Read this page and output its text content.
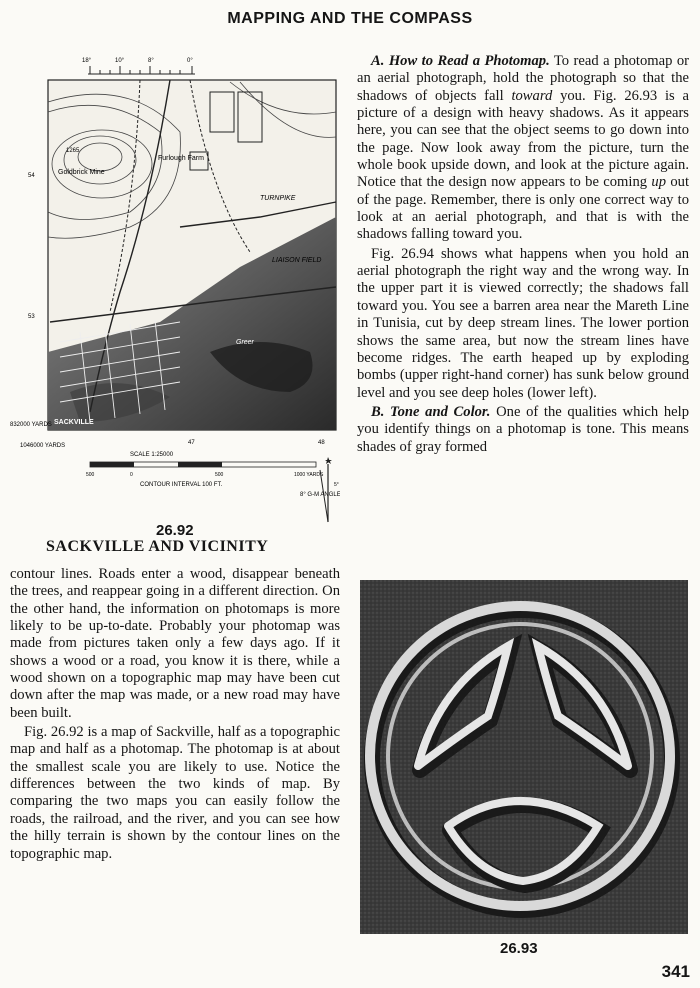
MAPPING AND THE COMPASS
18°	10°	8°	0°
1265
Goldbrick Mine
Furlough Farm
TURNPIKE
LIAISON FIELD
Greer
SACKVILLE
54
53
832000 YARDS
1046000 YARDS	47	48
SCALE 1:25000
500	0	500	1000 YARDS
CONTOUR INTERVAL 100 FT.
8° G-M ANGLE
5°
SACKVILLE AND VICINITY
26.92

contour lines. Roads enter a wood, disappear beneath the trees, and reappear going in a different direction. On the other hand, the information on photomaps is more likely to be up-to-date. Probably your photomap was made from pictures taken only a few days ago. If it shows a wood or a road, you know it is there, while a wood shown on a topographic map may have been cut down after the map was made, or a new road may have been built.

Fig. 26.92 is a map of Sackville, half as a topographic map and half as a photomap. The photomap is at about the smallest scale you are likely to use. Notice the differences between the two kinds of map. By comparing the two maps you can easily follow the roads, the railroad, and the river, and you can see how the hilly terrain is shown by the contour lines on the topographic map.

A. How to Read a Photomap. To read a photomap or an aerial photograph, hold the photograph so that the shadows of objects fall toward you. Fig. 26.93 is a picture of a design with heavy shadows. As it appears here, you can see that the object seems to go down into the page. Now look away from the picture, turn the whole book upside down, and look at the picture again. Notice that the design now appears to be coming up out of the page. Remember, there is only one correct way to look at an aerial photograph, and that is with the shadows falling toward you.

Fig. 26.94 shows what happens when you hold an aerial photograph the right way and the wrong way. In the upper part it is viewed correctly; the shadows fall toward you. You see a barren area near the Mareth Line in Tunisia, cut by deep stream lines. The lower portion shows the same area, but now the stream lines have become ridges. The earth heaped up by exploding bombs (upper right-hand corner) has sunk below ground level and you see deep holes (lower left).

B. Tone and Color. One of the qualities which help you identify things on a photomap is tone. This means shades of gray formed

26.93
341
